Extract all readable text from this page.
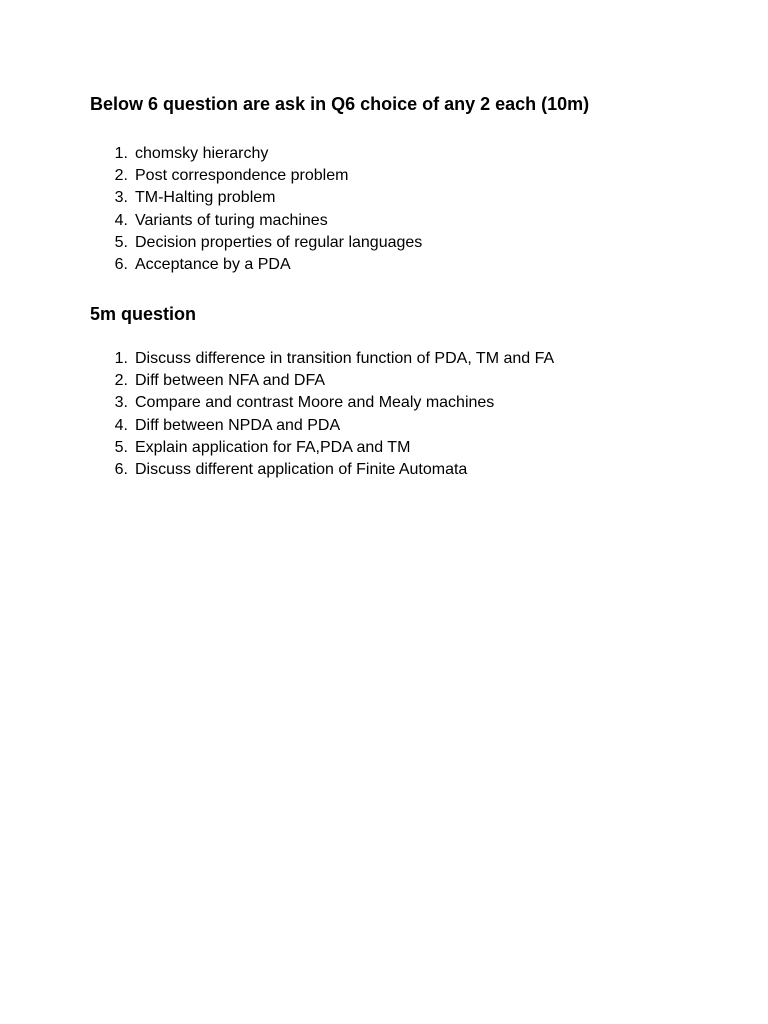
Below 6 question are ask in Q6 choice of any 2 each (10m)
1. chomsky hierarchy
2. Post correspondence problem
3. TM-Halting problem
4. Variants of turing machines
5. Decision properties of regular languages
6. Acceptance by a PDA
5m question
1. Discuss difference in transition function of PDA, TM and FA
2. Diff between NFA and DFA
3. Compare and contrast Moore and Mealy machines
4. Diff between NPDA and PDA
5. Explain application for FA,PDA and TM
6. Discuss different application of Finite Automata
